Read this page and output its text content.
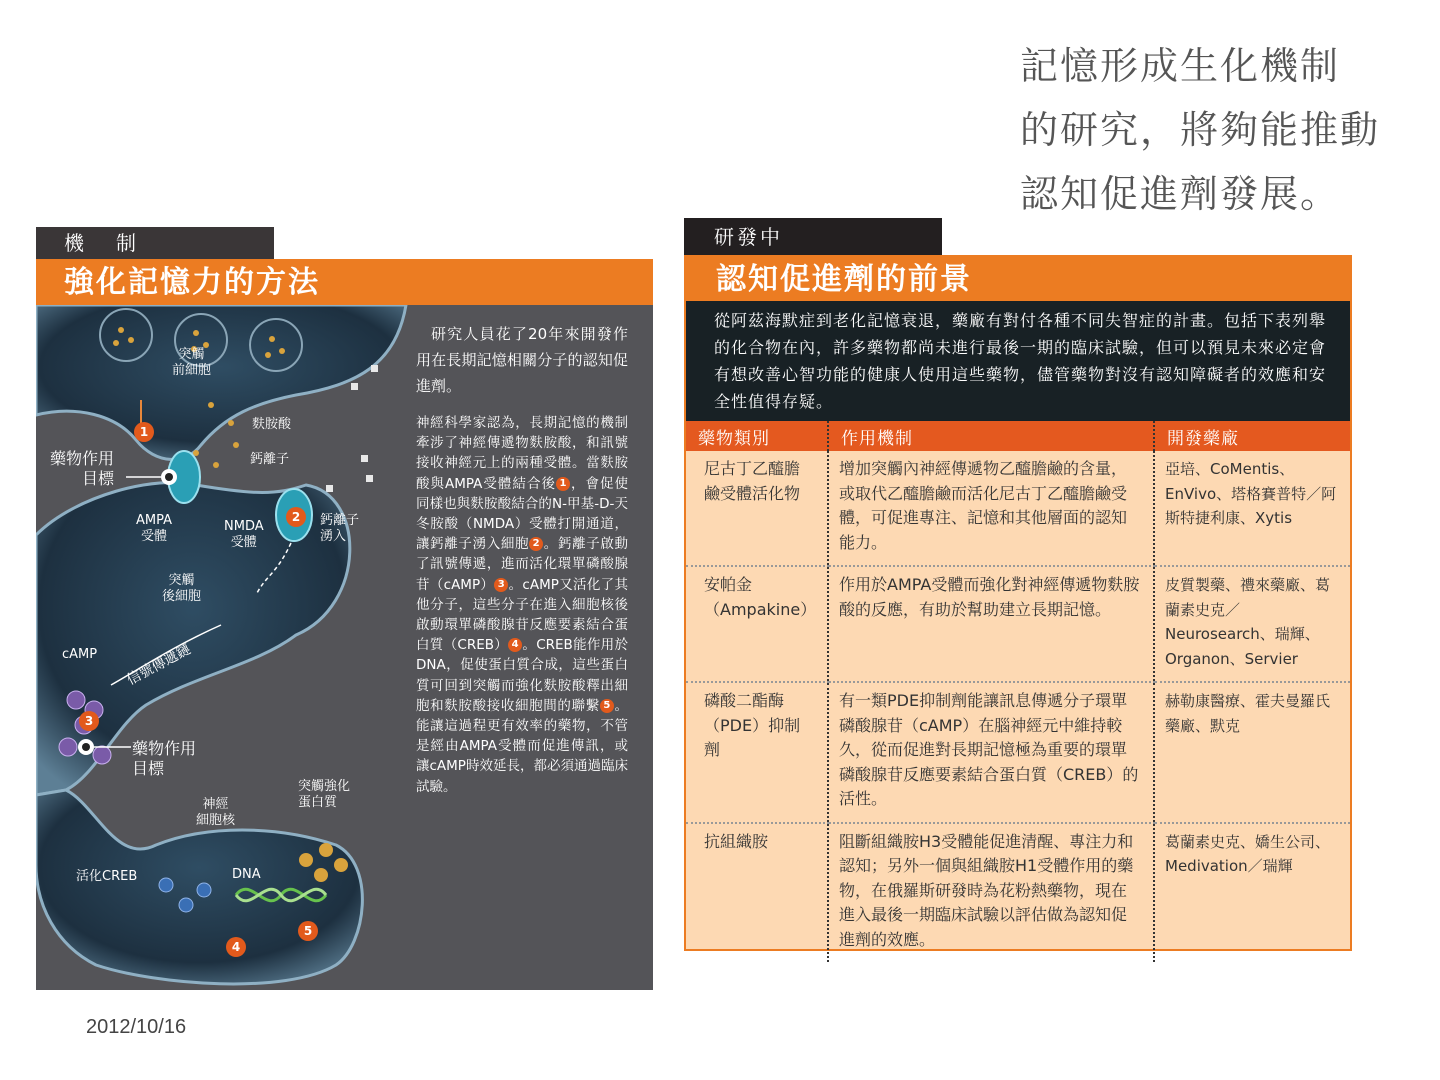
記憶形成生化機制
的研究，將夠能推動
認知促進劑發展。
機　制
強化記憶力的方法
1
2
3
4
5
突觸
前細胞
麩胺酸
鈣離子
藥物作用
目標
AMPA
受體
NMDA
受體
鈣離子
湧入
突觸
後細胞
cAMP 信號傳遞鏈
藥物作用
目標
突觸強化
蛋白質
神經
細胞核
活化CREB	DNA

研究人員花了20年來開發作用在長期記憶相關分子的認知促進劑。

神經科學家認為，長期記憶的機制牽涉了神經傳遞物麩胺酸，和訊號接收神經元上的兩種受體。當麩胺酸與AMPA受體結合後 1 ，會促使同樣也與麩胺酸結合的N-甲基-D-天冬胺酸（NMDA）受體打開通道，讓鈣離子湧入細胞 2 。鈣離子啟動了訊號傳遞，進而活化環單磷酸腺苷（cAMP） 3 。cAMP又活化了其他分子，這些分子在進入細胞核後啟動環單磷酸腺苷反應要素結合蛋白質（CREB） 4 。CREB能作用於DNA，促使蛋白質合成，這些蛋白質可回到突觸而強化麩胺酸釋出細胞和麩胺酸接收細胞間的聯繫 5 。能讓這過程更有效率的藥物，不管是經由AMPA受體而促進傳訊，或讓cAMP時效延長，都必須通過臨床試驗。

研發中
認知促進劑的前景
從阿茲海默症到老化記憶衰退，藥廠有對付各種不同失智症的計畫。包括下表列舉的化合物在內，許多藥物都尚未進行最後一期的臨床試驗，但可以預見未來必定會有想改善心智功能的健康人使用這些藥物，儘管藥物對沒有認知障礙者的效應和安全性值得存疑。
藥物類別	作用機制	開發藥廠
尼古丁乙醯膽鹼受體活化物	增加突觸內神經傳遞物乙醯膽鹼的含量，或取代乙醯膽鹼而活化尼古丁乙醯膽鹼受體，可促進專注、記憶和其他層面的認知能力。	亞培、CoMentis、EnVivo、塔格賽普特／阿斯特捷利康、Xytis
安帕金（Ampakine）	作用於AMPA受體而強化對神經傳遞物麩胺酸的反應，有助於幫助建立長期記憶。	皮質製藥、禮來藥廠、葛蘭素史克／Neurosearch、瑞輝、Organon、Servier
磷酸二酯酶（PDE）抑制劑	有一類PDE抑制劑能讓訊息傳遞分子環單磷酸腺苷（cAMP）在腦神經元中維持較久，從而促進對長期記憶極為重要的環單磷酸腺苷反應要素結合蛋白質（CREB）的活性。	赫勒康醫療、霍夫曼羅氏藥廠、默克
抗組織胺	阻斷組織胺H3受體能促進清醒、專注力和認知；另外一個與組織胺H1受體作用的藥物，在俄羅斯研發時為花粉熱藥物，現在進入最後一期臨床試驗以評估做為認知促進劑的效應。	葛蘭素史克、嬌生公司、Medivation／瑞輝
2012/10/16
